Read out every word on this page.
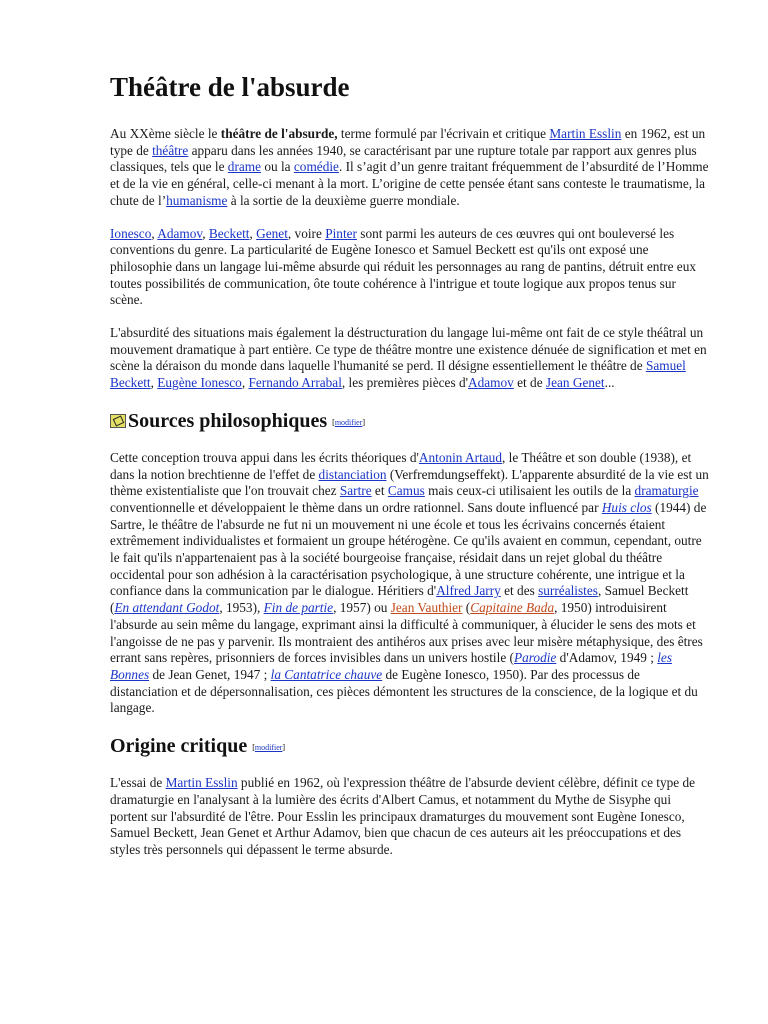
Théâtre de l'absurde

Au XXème siècle le théâtre de l'absurde, terme formulé par l'écrivain et critique Martin Esslin en 1962, est un type de théâtre apparu dans les années 1940, se caractérisant par une rupture totale par rapport aux genres plus classiques, tels que le drame ou la comédie. Il s’agit d’un genre traitant fréquemment de l’absurdité de l’Homme et de la vie en général, celle-ci menant à la mort. L’origine de cette pensée étant sans conteste le traumatisme, la chute de l’humanisme à la sortie de la deuxième guerre mondiale.

Ionesco, Adamov, Beckett, Genet, voire Pinter sont parmi les auteurs de ces œuvres qui ont bouleversé les conventions du genre. La particularité de Eugène Ionesco et Samuel Beckett est qu'ils ont exposé une philosophie dans un langage lui-même absurde qui réduit les personnages au rang de pantins, détruit entre eux toutes possibilités de communication, ôte toute cohérence à l'intrigue et toute logique aux propos tenus sur scène.

L'absurdité des situations mais également la déstructuration du langage lui-même ont fait de ce style théâtral un mouvement dramatique à part entière. Ce type de théâtre montre une existence dénuée de signification et met en scène la déraison du monde dans laquelle l'humanité se perd. Il désigne essentiellement le théâtre de Samuel Beckett, Eugène Ionesco, Fernando Arrabal, les premières pièces d'Adamov et de Jean Genet...

Sources philosophiques [modifier]

Cette conception trouva appui dans les écrits théoriques d'Antonin Artaud, le Théâtre et son double (1938), et dans la notion brechtienne de l'effet de distanciation (Verfremdungseffekt). L'apparente absurdité de la vie est un thème existentialiste que l'on trouvait chez Sartre et Camus mais ceux-ci utilisaient les outils de la dramaturgie conventionnelle et développaient le thème dans un ordre rationnel. Sans doute influencé par Huis clos (1944) de Sartre, le théâtre de l'absurde ne fut ni un mouvement ni une école et tous les écrivains concernés étaient extrêmement individualistes et formaient un groupe hétérogène. Ce qu'ils avaient en commun, cependant, outre le fait qu'ils n'appartenaient pas à la société bourgeoise française, résidait dans un rejet global du théâtre occidental pour son adhésion à la caractérisation psychologique, à une structure cohérente, une intrigue et la confiance dans la communication par le dialogue. Héritiers d'Alfred Jarry et des surréalistes, Samuel Beckett (En attendant Godot, 1953), Fin de partie, 1957) ou Jean Vauthier (Capitaine Bada, 1950) introduisirent l'absurde au sein même du langage, exprimant ainsi la difficulté à communiquer, à élucider le sens des mots et l'angoisse de ne pas y parvenir. Ils montraient des antihéros aux prises avec leur misère métaphysique, des êtres errant sans repères, prisonniers de forces invisibles dans un univers hostile (Parodie d'Adamov, 1949 ; les Bonnes de Jean Genet, 1947 ; la Cantatrice chauve de Eugène Ionesco, 1950). Par des processus de distanciation et de dépersonnalisation, ces pièces démontent les structures de la conscience, de la logique et du langage.

Origine critique [modifier]

L'essai de Martin Esslin publié en 1962, où l'expression théâtre de l'absurde devient célèbre, définit ce type de dramaturgie en l'analysant à la lumière des écrits d'Albert Camus, et notamment du Mythe de Sisyphe qui portent sur l'absurdité de l'être. Pour Esslin les principaux dramaturges du mouvement sont Eugène Ionesco, Samuel Beckett, Jean Genet et Arthur Adamov, bien que chacun de ces auteurs ait les préoccupations et des styles très personnels qui dépassent le terme absurde.
